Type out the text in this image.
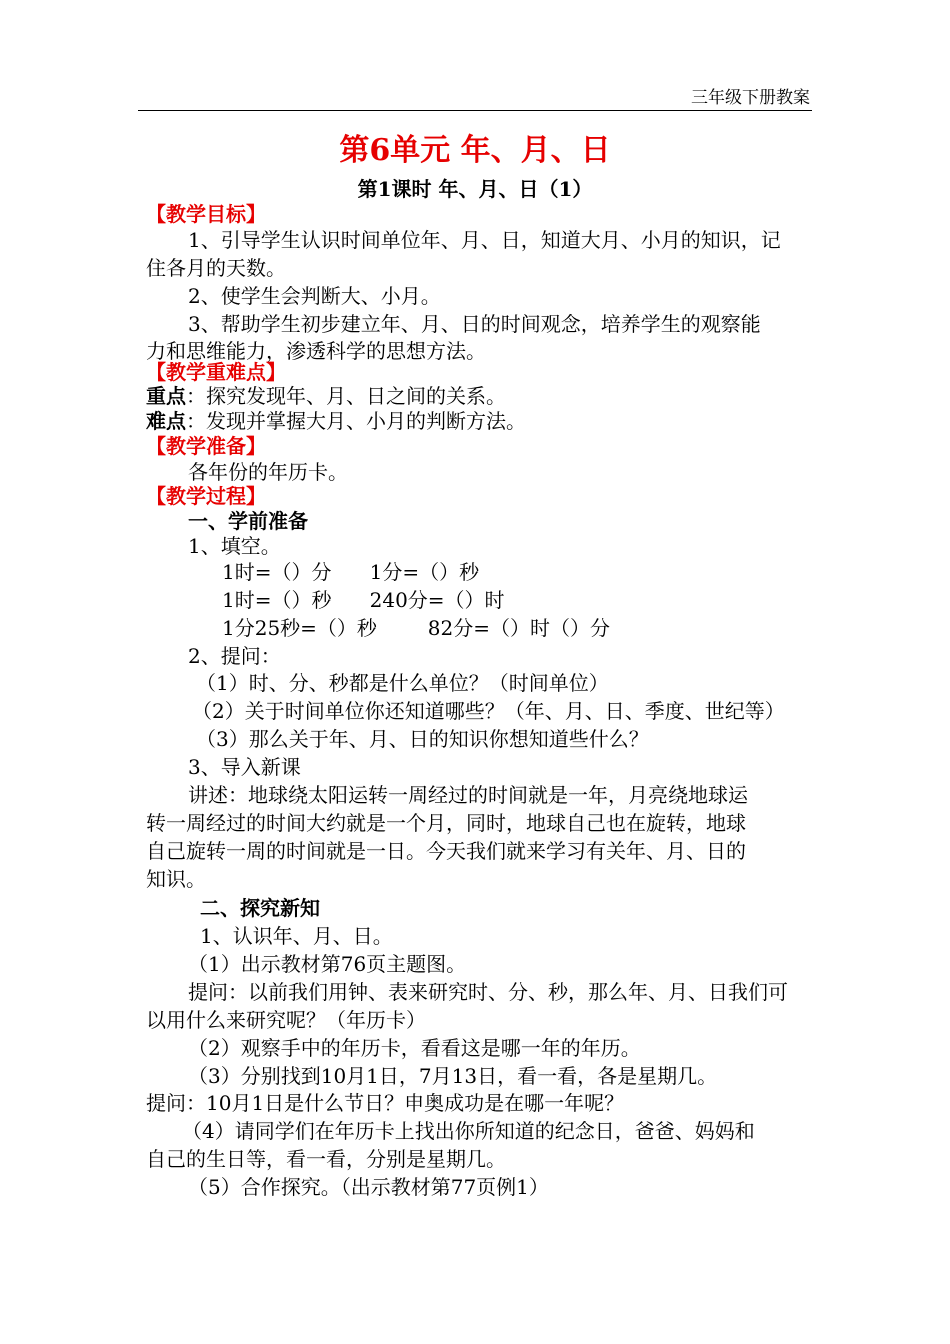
三年级下册教案
第6单元 年、月、日
第1课时 年、月、日（1）
【教学目标】
1、引导学生认识时间单位年、月、日，知道大月、小月的知识，记
住各月的天数。
2、使学生会判断大、小月。
3、帮助学生初步建立年、月、日的时间观念，培养学生的观察能
力和思维能力，渗透科学的思想方法。
【教学重难点】
重点：探究发现年、月、日之间的关系。
难点：发现并掌握大月、小月的判断方法。
【教学准备】
各年份的年历卡。
【教学过程】
一、学前准备
1、填空。
1时=（）分      1分=（）秒
1时=（）秒      240分=（）时
1分25秒=（）秒        82分=（）时（）分
2、提问：
（1）时、分、秒都是什么单位？（时间单位）
（2）关于时间单位你还知道哪些？（年、月、日、季度、世纪等）
（3）那么关于年、月、日的知识你想知道些什么？
3、导入新课
讲述：地球绕太阳运转一周经过的时间就是一年，月亮绕地球运
转一周经过的时间大约就是一个月，同时，地球自己也在旋转，地球
自己旋转一周的时间就是一日。今天我们就来学习有关年、月、日的
知识。
二、探究新知
1、认识年、月、日。
（1）出示教材第76页主题图。
提问：以前我们用钟、表来研究时、分、秒，那么年、月、日我们可
以用什么来研究呢？（年历卡）
（2）观察手中的年历卡，看看这是哪一年的年历。
（3）分别找到10月1日，7月13日，看一看，各是星期几。
提问：10月1日是什么节日？申奥成功是在哪一年呢？
（4）请同学们在年历卡上找出你所知道的纪念日，爸爸、妈妈和
自己的生日等，看一看，分别是星期几。
（5）合作探究。（出示教材第77页例1）
